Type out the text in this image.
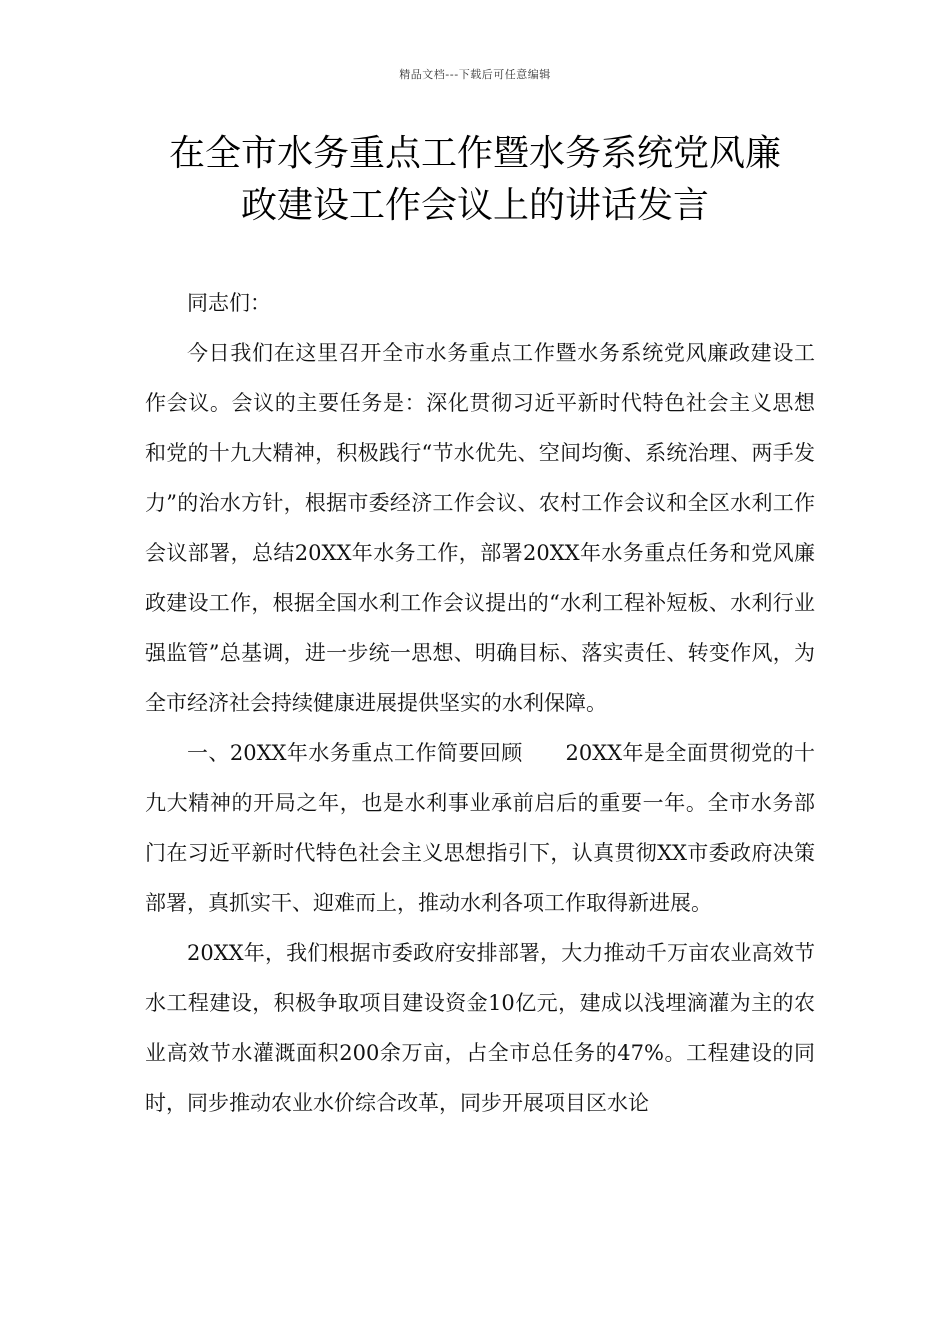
精品文档---下载后可任意编辑
在全市水务重点工作暨水务系统党风廉
政建设工作会议上的讲话发言

同志们：

今日我们在这里召开全市水务重点工作暨水务系统党风廉政建设工作会议。会议的主要任务是：深化贯彻习近平新时代特色社会主义思想和党的十九大精神，积极践行“节水优先、空间均衡、系统治理、两手发力”的治水方针，根据市委经济工作会议、农村工作会议和全区水利工作会议部署，总结20XX年水务工作，部署20XX年水务重点任务和党风廉政建设工作，根据全国水利工作会议提出的“水利工程补短板、水利行业强监管”总基调，进一步统一思想、明确目标、落实责任、转变作风，为全市经济社会持续健康进展提供坚实的水利保障。

一、20XX年水务重点工作简要回顾　　20XX年是全面贯彻党的十九大精神的开局之年，也是水利事业承前启后的重要一年。全市水务部门在习近平新时代特色社会主义思想指引下，认真贯彻XX市委政府决策部署，真抓实干、迎难而上，推动水利各项工作取得新进展。

20XX年，我们根据市委政府安排部署，大力推动千万亩农业高效节水工程建设，积极争取项目建设资金10亿元，建成以浅埋滴灌为主的农业高效节水灌溉面积200余万亩，占全市总任务的47%。工程建设的同时，同步推动农业水价综合改革，同步开展项目区水论
